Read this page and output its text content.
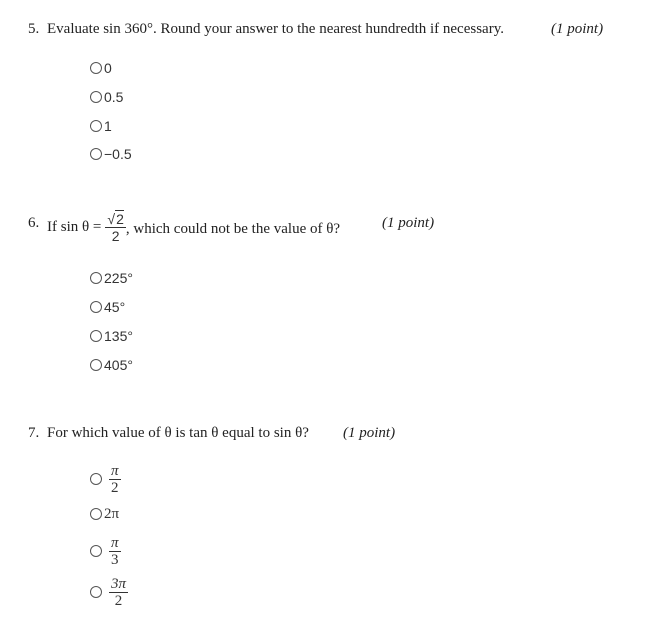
5. Evaluate sin 360°. Round your answer to the nearest hundredth if necessary.	(1 point)
0
0.5
1
−0.5
6. If $\sin \theta = \frac{√2}{2}$ , which could not be the value of θ?	(1 point)
225°
45°
135°
405°
7. For which value of θ is tan θ equal to sin θ? (1 point)
$\frac{\pi}{2}$
2π
$\frac{\pi}{3}$
$\frac{3\pi}{2}$
